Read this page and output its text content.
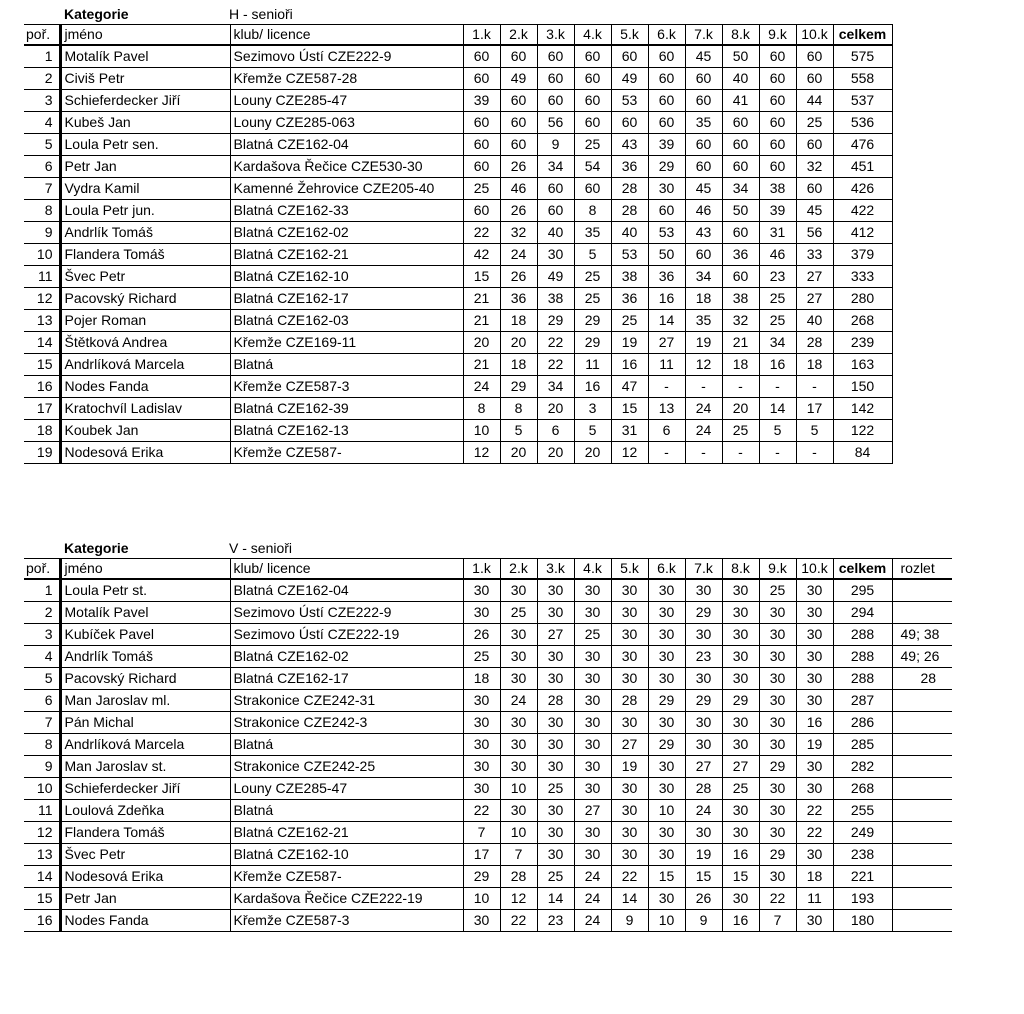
Kategorie	H - senioři
poř.	jméno	klub/ licence	1.k	2.k	3.k	4.k	5.k	6.k	7.k	8.k	9.k	10.k	celkem
1	Motalík Pavel	Sezimovo Ústí CZE222-9	60	60	60	60	60	60	45	50	60	60	575
2	Civiš Petr	Křemže CZE587-28	60	49	60	60	49	60	60	40	60	60	558
3	Schieferdecker Jiří	Louny CZE285-47	39	60	60	60	53	60	60	41	60	44	537
4	Kubeš Jan	Louny CZE285-063	60	60	56	60	60	60	35	60	60	25	536
5	Loula Petr sen.	Blatná CZE162-04	60	60	9	25	43	39	60	60	60	60	476
6	Petr Jan	Kardašova Řečice CZE530-30	60	26	34	54	36	29	60	60	60	32	451
7	Vydra Kamil	Kamenné Žehrovice CZE205-40	25	46	60	60	28	30	45	34	38	60	426
8	Loula Petr jun.	Blatná CZE162-33	60	26	60	8	28	60	46	50	39	45	422
9	Andrlík Tomáš	Blatná CZE162-02	22	32	40	35	40	53	43	60	31	56	412
10	Flandera Tomáš	Blatná CZE162-21	42	24	30	5	53	50	60	36	46	33	379
11	Švec Petr	Blatná CZE162-10	15	26	49	25	38	36	34	60	23	27	333
12	Pacovský Richard	Blatná CZE162-17	21	36	38	25	36	16	18	38	25	27	280
13	Pojer Roman	Blatná CZE162-03	21	18	29	29	25	14	35	32	25	40	268
14	Štětková Andrea	Křemže CZE169-11	20	20	22	29	19	27	19	21	34	28	239
15	Andrlíková Marcela	Blatná	21	18	22	11	16	11	12	18	16	18	163
16	Nodes Fanda	Křemže CZE587-3	24	29	34	16	47	-	-	-	-	-	150
17	Kratochvíl Ladislav	Blatná CZE162-39	8	8	20	3	15	13	24	20	14	17	142
18	Koubek Jan	Blatná CZE162-13	10	5	6	5	31	6	24	25	5	5	122
19	Nodesová Erika	Křemže CZE587-	12	20	20	20	12	-	-	-	-	-	84
Kategorie	V - senioři
poř.	jméno	klub/ licence	1.k	2.k	3.k	4.k	5.k	6.k	7.k	8.k	9.k	10.k	celkem	rozlet
1	Loula Petr st.	Blatná CZE162-04	30	30	30	30	30	30	30	30	25	30	295	
2	Motalík Pavel	Sezimovo Ústí CZE222-9	30	25	30	30	30	30	29	30	30	30	294	
3	Kubíček Pavel	Sezimovo Ústí CZE222-19	26	30	27	25	30	30	30	30	30	30	288	49; 38
4	Andrlík Tomáš	Blatná CZE162-02	25	30	30	30	30	30	23	30	30	30	288	49; 26
5	Pacovský Richard	Blatná CZE162-17	18	30	30	30	30	30	30	30	30	30	288	28
6	Man Jaroslav ml.	Strakonice CZE242-31	30	24	28	30	28	29	29	29	30	30	287	
7	Pán Michal	Strakonice CZE242-3	30	30	30	30	30	30	30	30	30	16	286	
8	Andrlíková Marcela	Blatná	30	30	30	30	27	29	30	30	30	19	285	
9	Man Jaroslav st.	Strakonice CZE242-25	30	30	30	30	19	30	27	27	29	30	282	
10	Schieferdecker Jiří	Louny CZE285-47	30	10	25	30	30	30	28	25	30	30	268	
11	Loulová Zdeňka	Blatná	22	30	30	27	30	10	24	30	30	22	255	
12	Flandera Tomáš	Blatná CZE162-21	7	10	30	30	30	30	30	30	30	22	249	
13	Švec Petr	Blatná CZE162-10	17	7	30	30	30	30	19	16	29	30	238	
14	Nodesová Erika	Křemže CZE587-	29	28	25	24	22	15	15	15	30	18	221	
15	Petr Jan	Kardašova Řečice CZE222-19	10	12	14	24	14	30	26	30	22	11	193	
16	Nodes Fanda	Křemže CZE587-3	30	22	23	24	9	10	9	16	7	30	180	
